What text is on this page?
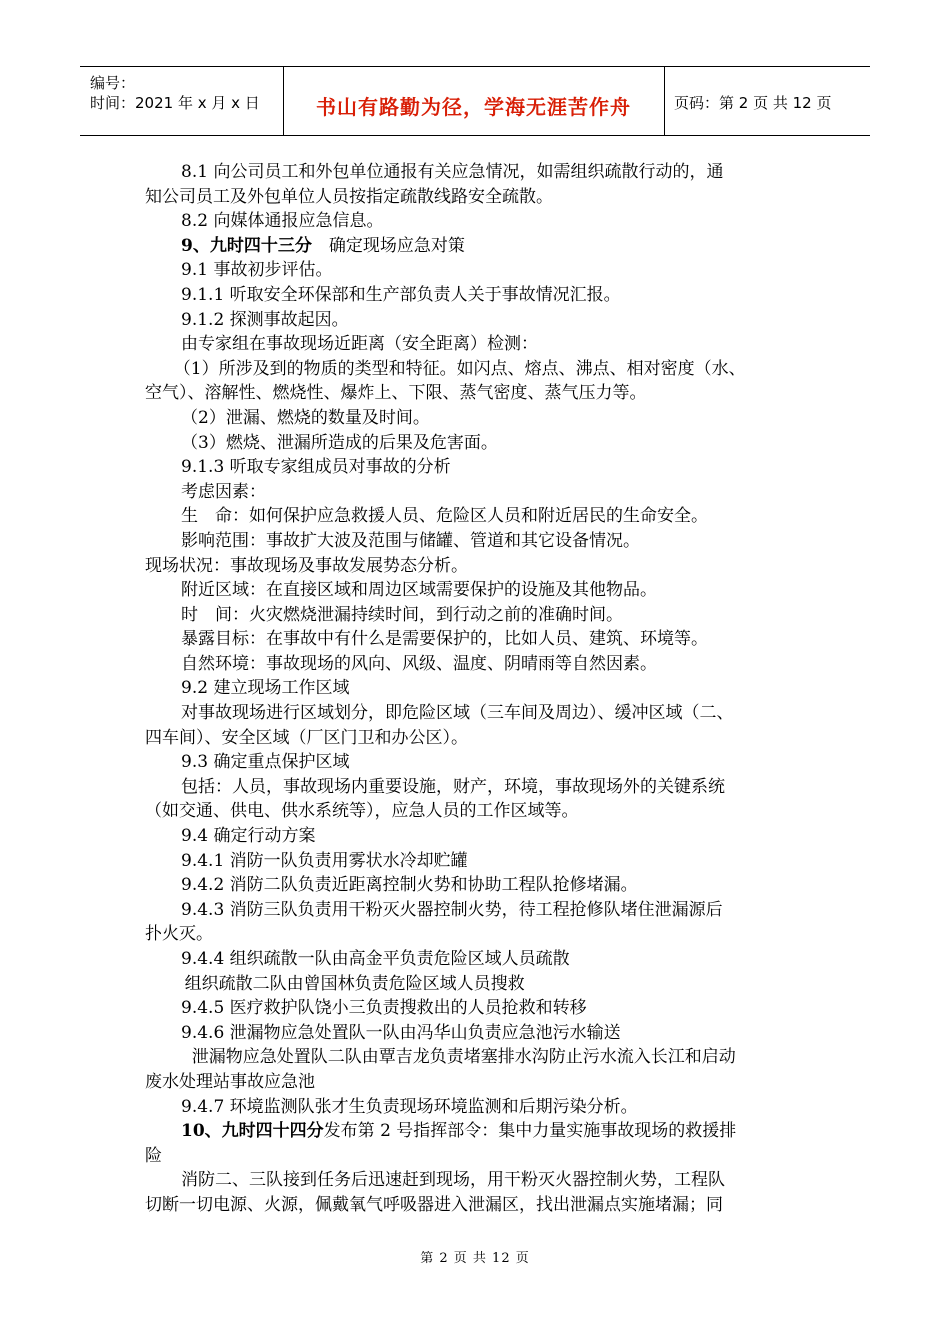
编号：
时间：2021 年 x 月 x 日	书山有路勤为径，学海无涯苦作舟	页码：第 2 页 共 12 页

8.1 向公司员工和外包单位通报有关应急情况，如需组织疏散行动的，通

知公司员工及外包单位人员按指定疏散线路安全疏散。

8.2 向媒体通报应急信息。

9、九时四十三分　确定现场应急对策

9.1 事故初步评估。

9.1.1 听取安全环保部和生产部负责人关于事故情况汇报。

9.1.2 探测事故起因。

由专家组在事故现场近距离（安全距离）检测：

（1）所涉及到的物质的类型和特征。如闪点、熔点、沸点、相对密度（水、

空气）、溶解性、燃烧性、爆炸上、下限、蒸气密度、蒸气压力等。

（2）泄漏、燃烧的数量及时间。

（3）燃烧、泄漏所造成的后果及危害面。

9.1.3 听取专家组成员对事故的分析

考虑因素：

生　命：如何保护应急救援人员、危险区人员和附近居民的生命安全。

影响范围：事故扩大波及范围与储罐、管道和其它设备情况。

现场状况：事故现场及事故发展势态分析。

附近区域：在直接区域和周边区域需要保护的设施及其他物品。

时　间：火灾燃烧泄漏持续时间，到行动之前的准确时间。

暴露目标：在事故中有什么是需要保护的，比如人员、建筑、环境等。

自然环境：事故现场的风向、风级、温度、阴晴雨等自然因素。

9.2 建立现场工作区域

对事故现场进行区域划分，即危险区域（三车间及周边）、缓冲区域（二、

四车间）、安全区域（厂区门卫和办公区）。

9.3 确定重点保护区域

包括：人员，事故现场内重要设施，财产，环境，事故现场外的关键系统

（如交通、供电、供水系统等），应急人员的工作区域等。

9.4 确定行动方案

9.4.1 消防一队负责用雾状水冷却贮罐

9.4.2 消防二队负责近距离控制火势和协助工程队抢修堵漏。

9.4.3 消防三队负责用干粉灭火器控制火势，待工程抢修队堵住泄漏源后

扑火灭。

9.4.4 组织疏散一队由高金平负责危险区域人员疏散

组织疏散二队由曾国林负责危险区域人员搜救

9.4.5 医疗救护队饶小三负责搜救出的人员抢救和转移

9.4.6 泄漏物应急处置队一队由冯华山负责应急池污水输送

泄漏物应急处置队二队由覃吉龙负责堵塞排水沟防止污水流入长江和启动

废水处理站事故应急池

9.4.7 环境监测队张才生负责现场环境监测和后期污染分析。

10、九时四十四分发布第 2 号指挥部令：集中力量实施事故现场的救援排

险

消防二、三队接到任务后迅速赶到现场，用干粉灭火器控制火势，工程队

切断一切电源、火源，佩戴氧气呼吸器进入泄漏区，找出泄漏点实施堵漏；同

第 2 页 共 12 页
